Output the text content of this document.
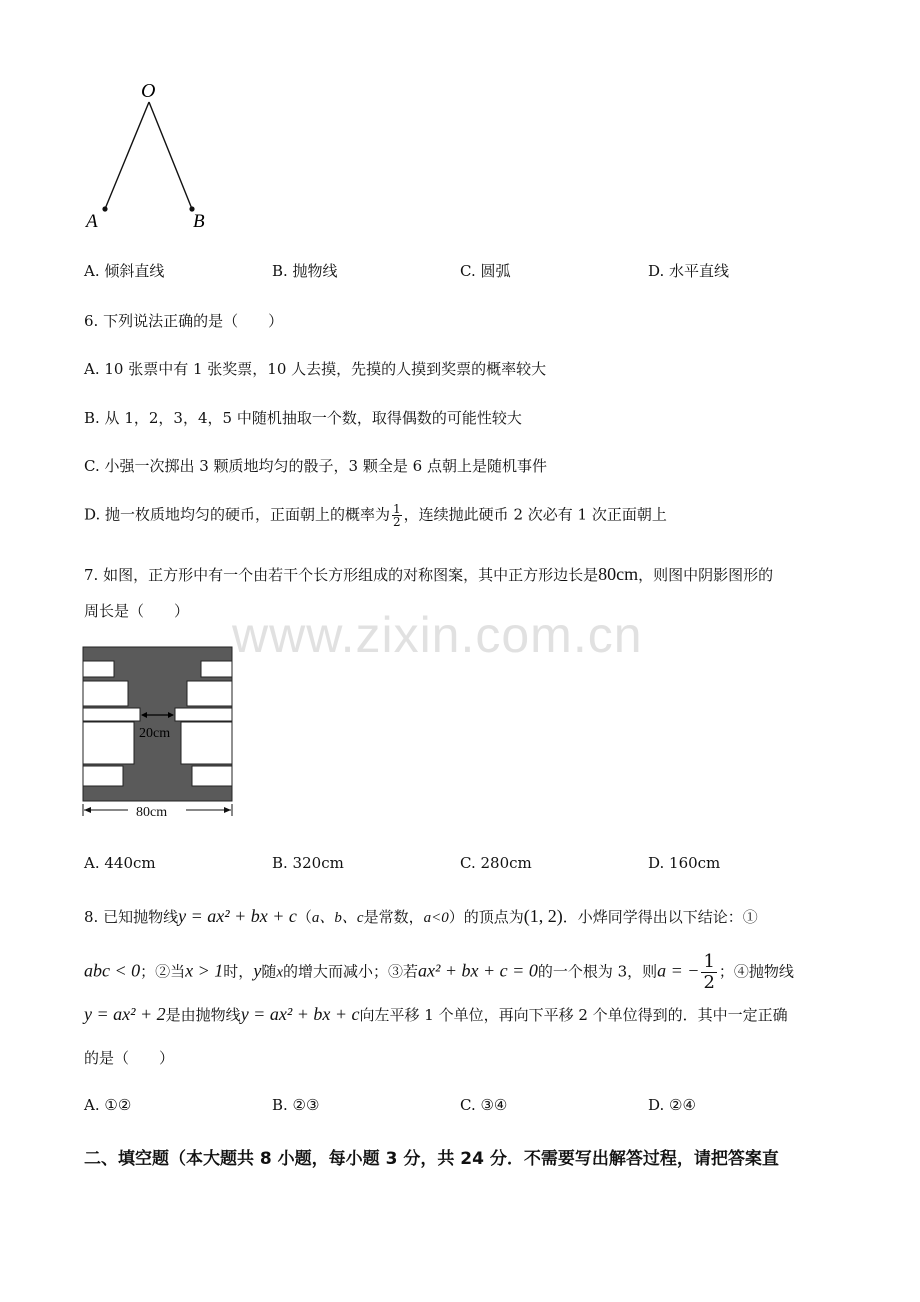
O
A	B
A. 倾斜直线	B. 抛物线	C. 圆弧	D. 水平直线
6. 下列说法正确的是（　　）
A. 10 张票中有 1 张奖票，10 人去摸，先摸的人摸到奖票的概率较大
B. 从 1，2，3，4，5 中随机抽取一个数，取得偶数的可能性较大
C. 小强一次掷出 3 颗质地均匀的骰子，3 颗全是 6 点朝上是随机事件
D. 抛一枚质地均匀的硬币，正面朝上的概率为 $\frac{1}{2}$ ，连续抛此硬币 2 次必有 1 次正面朝上
7. 如图，正方形中有一个由若干个长方形组成的对称图案，其中正方形边长是80cm，则图中阴影图形的
周长是（　　） www.zixin.com.cn
20cm
80cm
A. 440cm	B. 320cm	C. 280cm	D. 160cm
8. 已知抛物线y = ax² + bx + c（a、b、c是常数，a<0）的顶点为(1, 2)．小烨同学得出以下结论：①
abc < 0；②当x > 1时，y随x的增大而减小；③若ax² + bx + c = 0的一个根为 3，则a = − $\frac{1}{2}$ ；④抛物线
y = ax² + 2是由抛物线y = ax² + bx + c向左平移 1 个单位，再向下平移 2 个单位得到的．其中一定正确
的是（　　）
A. ①②	B. ②③	C. ③④	D. ②④
二、填空题（本大题共 8 小题，每小题 3 分，共 24 分．不需要写出解答过程，请把答案直
